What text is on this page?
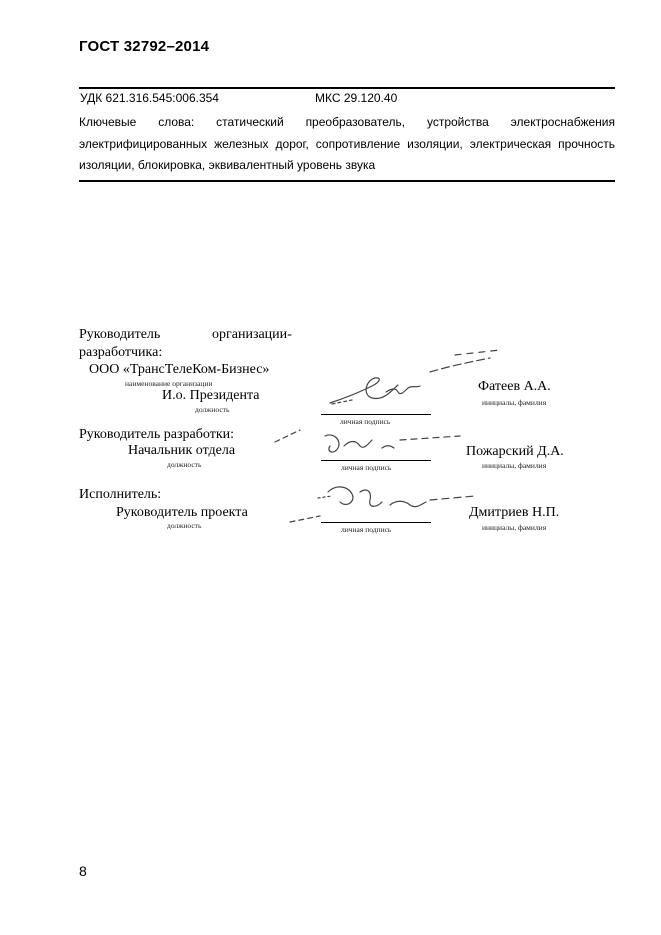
ГОСТ 32792–2014
УДК 621.316.545:006.354	МКС 29.120.40

Ключевые слова: статический преобразователь, устройства электроснабжения электрифицированных железных дорог, сопротивление изоляции, электрическая прочность изоляции, блокировка, эквивалентный уровень звука

Руководитель	организации-
разработчика:
ООО «ТрансТелеКом-Бизнес»
наименование организации
И.о. Президента
должность
личная подпись
Фатеев А.А.
инициалы, фамилия
Руководитель разработки:
Начальник отдела
должность	личная подпись
Пожарский Д.А.
инициалы, фамилия
Исполнитель:
Руководитель проекта
должность	личная подпись
Дмитриев Н.П.
инициалы, фамилия
8
